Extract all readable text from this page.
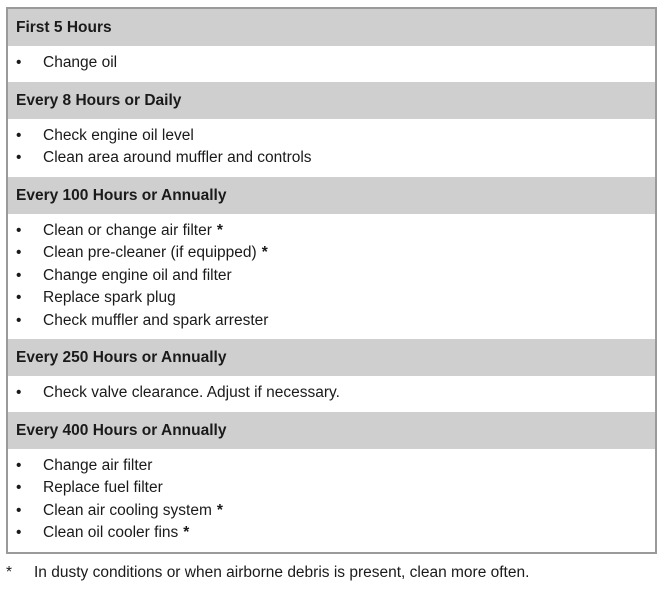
First 5 Hours
•	Change oil
Every 8 Hours or Daily
•	Check engine oil level
•	Clean area around muffler and controls
Every 100 Hours or Annually
•	Clean or change air filter *
•	Clean pre-cleaner (if equipped) *
•	Change engine oil and filter
•	Replace spark plug
•	Check muffler and spark arrester
Every 250 Hours or Annually
•	Check valve clearance. Adjust if necessary.
Every 400 Hours or Annually
•	Change air filter
•	Replace fuel filter
•	Clean air cooling system *
•	Clean oil cooler fins *
*	In dusty conditions or when airborne debris is present, clean more often.
